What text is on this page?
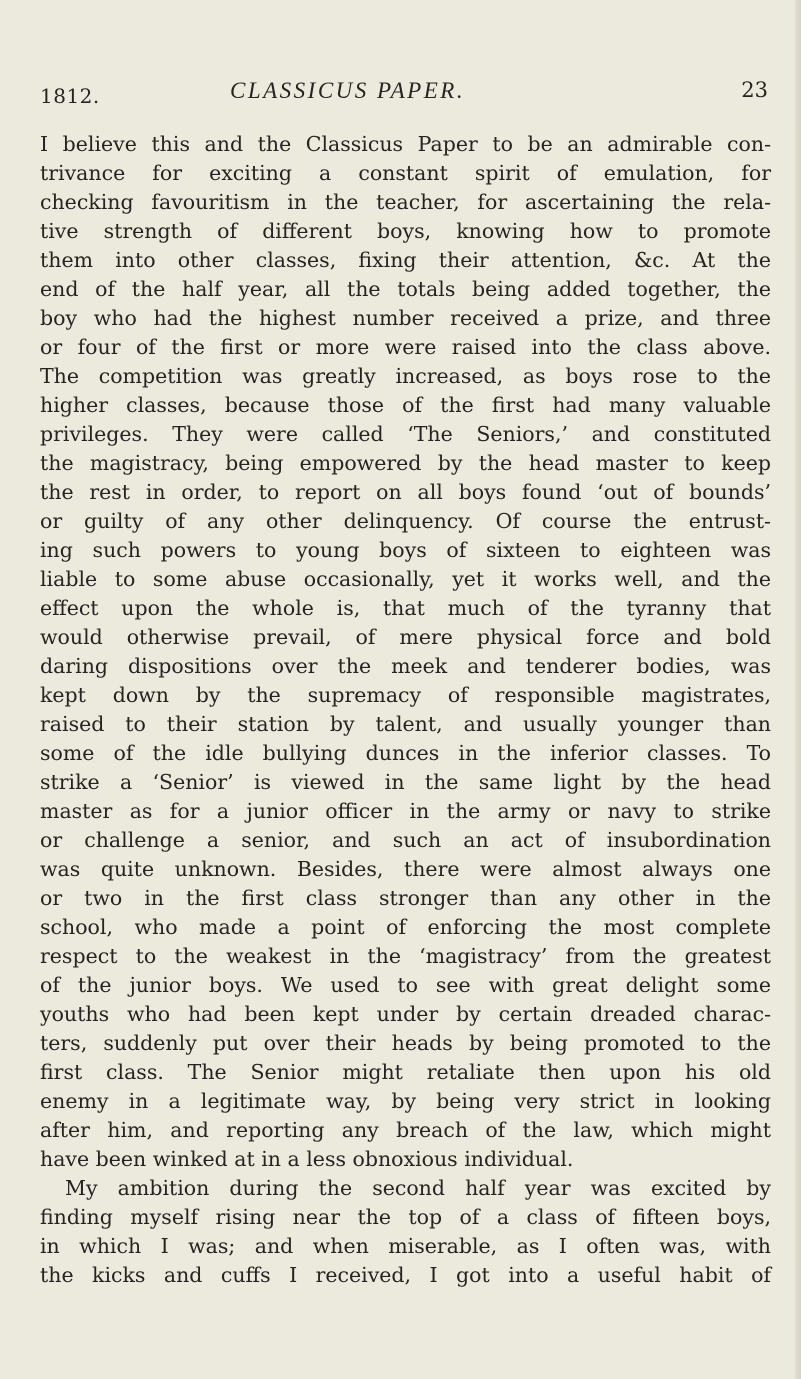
1812.	CLASSICUS PAPER.	23
I believe this and the Classicus Paper to be an admirable con-
trivance for exciting a constant spirit of emulation, for
checking favouritism in the teacher, for ascertaining the rela-
tive strength of different boys, knowing how to promote
them into other classes, fixing their attention, &c. At the
end of the half year, all the totals being added together, the
boy who had the highest number received a prize, and three
or four of the first or more were raised into the class above.
The competition was greatly increased, as boys rose to the
higher classes, because those of the first had many valuable
privileges. They were called ‘The Seniors,’ and constituted
the magistracy, being empowered by the head master to keep
the rest in order, to report on all boys found ‘out of bounds’
or guilty of any other delinquency. Of course the entrust-
ing such powers to young boys of sixteen to eighteen was
liable to some abuse occasionally, yet it works well, and the
effect upon the whole is, that much of the tyranny that
would otherwise prevail, of mere physical force and bold
daring dispositions over the meek and tenderer bodies, was
kept down by the supremacy of responsible magistrates,
raised to their station by talent, and usually younger than
some of the idle bullying dunces in the inferior classes. To
strike a ‘Senior’ is viewed in the same light by the head
master as for a junior officer in the army or navy to strike
or challenge a senior, and such an act of insubordination
was quite unknown. Besides, there were almost always one
or two in the first class stronger than any other in the
school, who made a point of enforcing the most complete
respect to the weakest in the ‘magistracy’ from the greatest
of the junior boys. We used to see with great delight some
youths who had been kept under by certain dreaded charac-
ters, suddenly put over their heads by being promoted to the
first class. The Senior might retaliate then upon his old
enemy in a legitimate way, by being very strict in looking
after him, and reporting any breach of the law, which might
have been winked at in a less obnoxious individual.
My ambition during the second half year was excited by
finding myself rising near the top of a class of fifteen boys,
in which I was; and when miserable, as I often was, with
the kicks and cuffs I received, I got into a useful habit of
